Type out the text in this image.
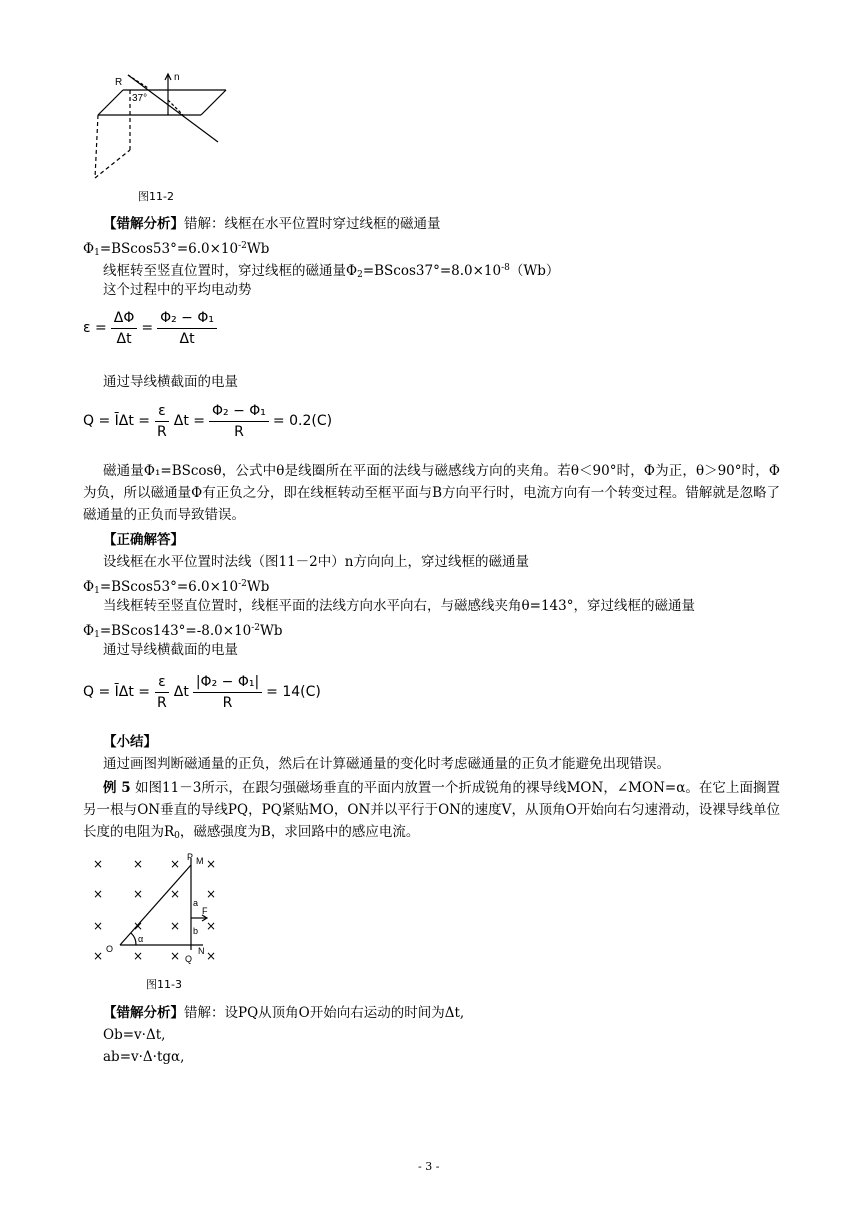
R	n
37°
图11-2
【错解分析】错解：线框在水平位置时穿过线框的磁通量
$\Phi_1=BScos53^\circ=6.0\times 10^{-2}Wb$
线框转至竖直位置时，穿过线框的磁通量$\Phi_2=BScos37^\circ=8.0\times 10^{-8}(Wb)$
这个过程中的平均电动势
$\varepsilon = \frac{\Delta\Phi}{\Delta t} = \frac{\text{Φ₂ − Φ₁}}{\Delta t}$
通过导线横截面的电量
Q = ĪΔt = $\frac{\varepsilon}{R}$ $\Delta t = \frac{\text{Φ₂ − Φ₁}}{R} = 0.2(C)$
磁通量Φ₁=BScosθ，公式中θ是线圈所在平面的法线与磁感线方向的夹角。若θ＜90°时，Φ为正，θ＞90°时，Φ为负，所以磁通量Φ有正负之分，即在线框转动至框平面与B方向平行时，电流方向有一个转变过程。错解就是忽略了磁通量的正负而导致错误。
【正确解答】
设线框在水平位置时法线（图11－2中）n方向向上，穿过线框的磁通量
$\Phi_1=BScos53^\circ=6.0\times 10^{-2}Wb$
当线框转至竖直位置时，线框平面的法线方向水平向右，与磁感线夹角θ=143°，穿过线框的磁通量
$\Phi_1=BScos143^\circ=-8.0\times 10^{-2}Wb$
通过导线横截面的电量
Q = ĪΔt = $\frac{\varepsilon}{R}$ Δt $\frac{\text{|Φ₂ − Φ₁|}}{R} = 14(C)$
【小结】
通过画图判断磁通量的正负，然后在计算磁通量的变化时考虑磁通量的正负才能避免出现错误。
例 5 如图11－3所示，在跟匀强磁场垂直的平面内放置一个折成锐角的裸导线MON，∠MON=α。在它上面搁置另一根与ON垂直的导线PQ，PQ紧贴MO，ON并以平行于ON的速度V，从顶角O开始向右匀速滑动，设裸导线单位长度的电阻为$R_0$，磁感强度为B，求回路中的感应电流。
× × × ×
× × × ×
× × × ×
× × × ×
P M
O
Q
N
a
b
F
α
图11-3
【错解分析】错解：设PQ从顶角O开始向右运动的时间为Δt,
Ob=v·Δt,
ab=v·Δ·tgα,
- 3 -
